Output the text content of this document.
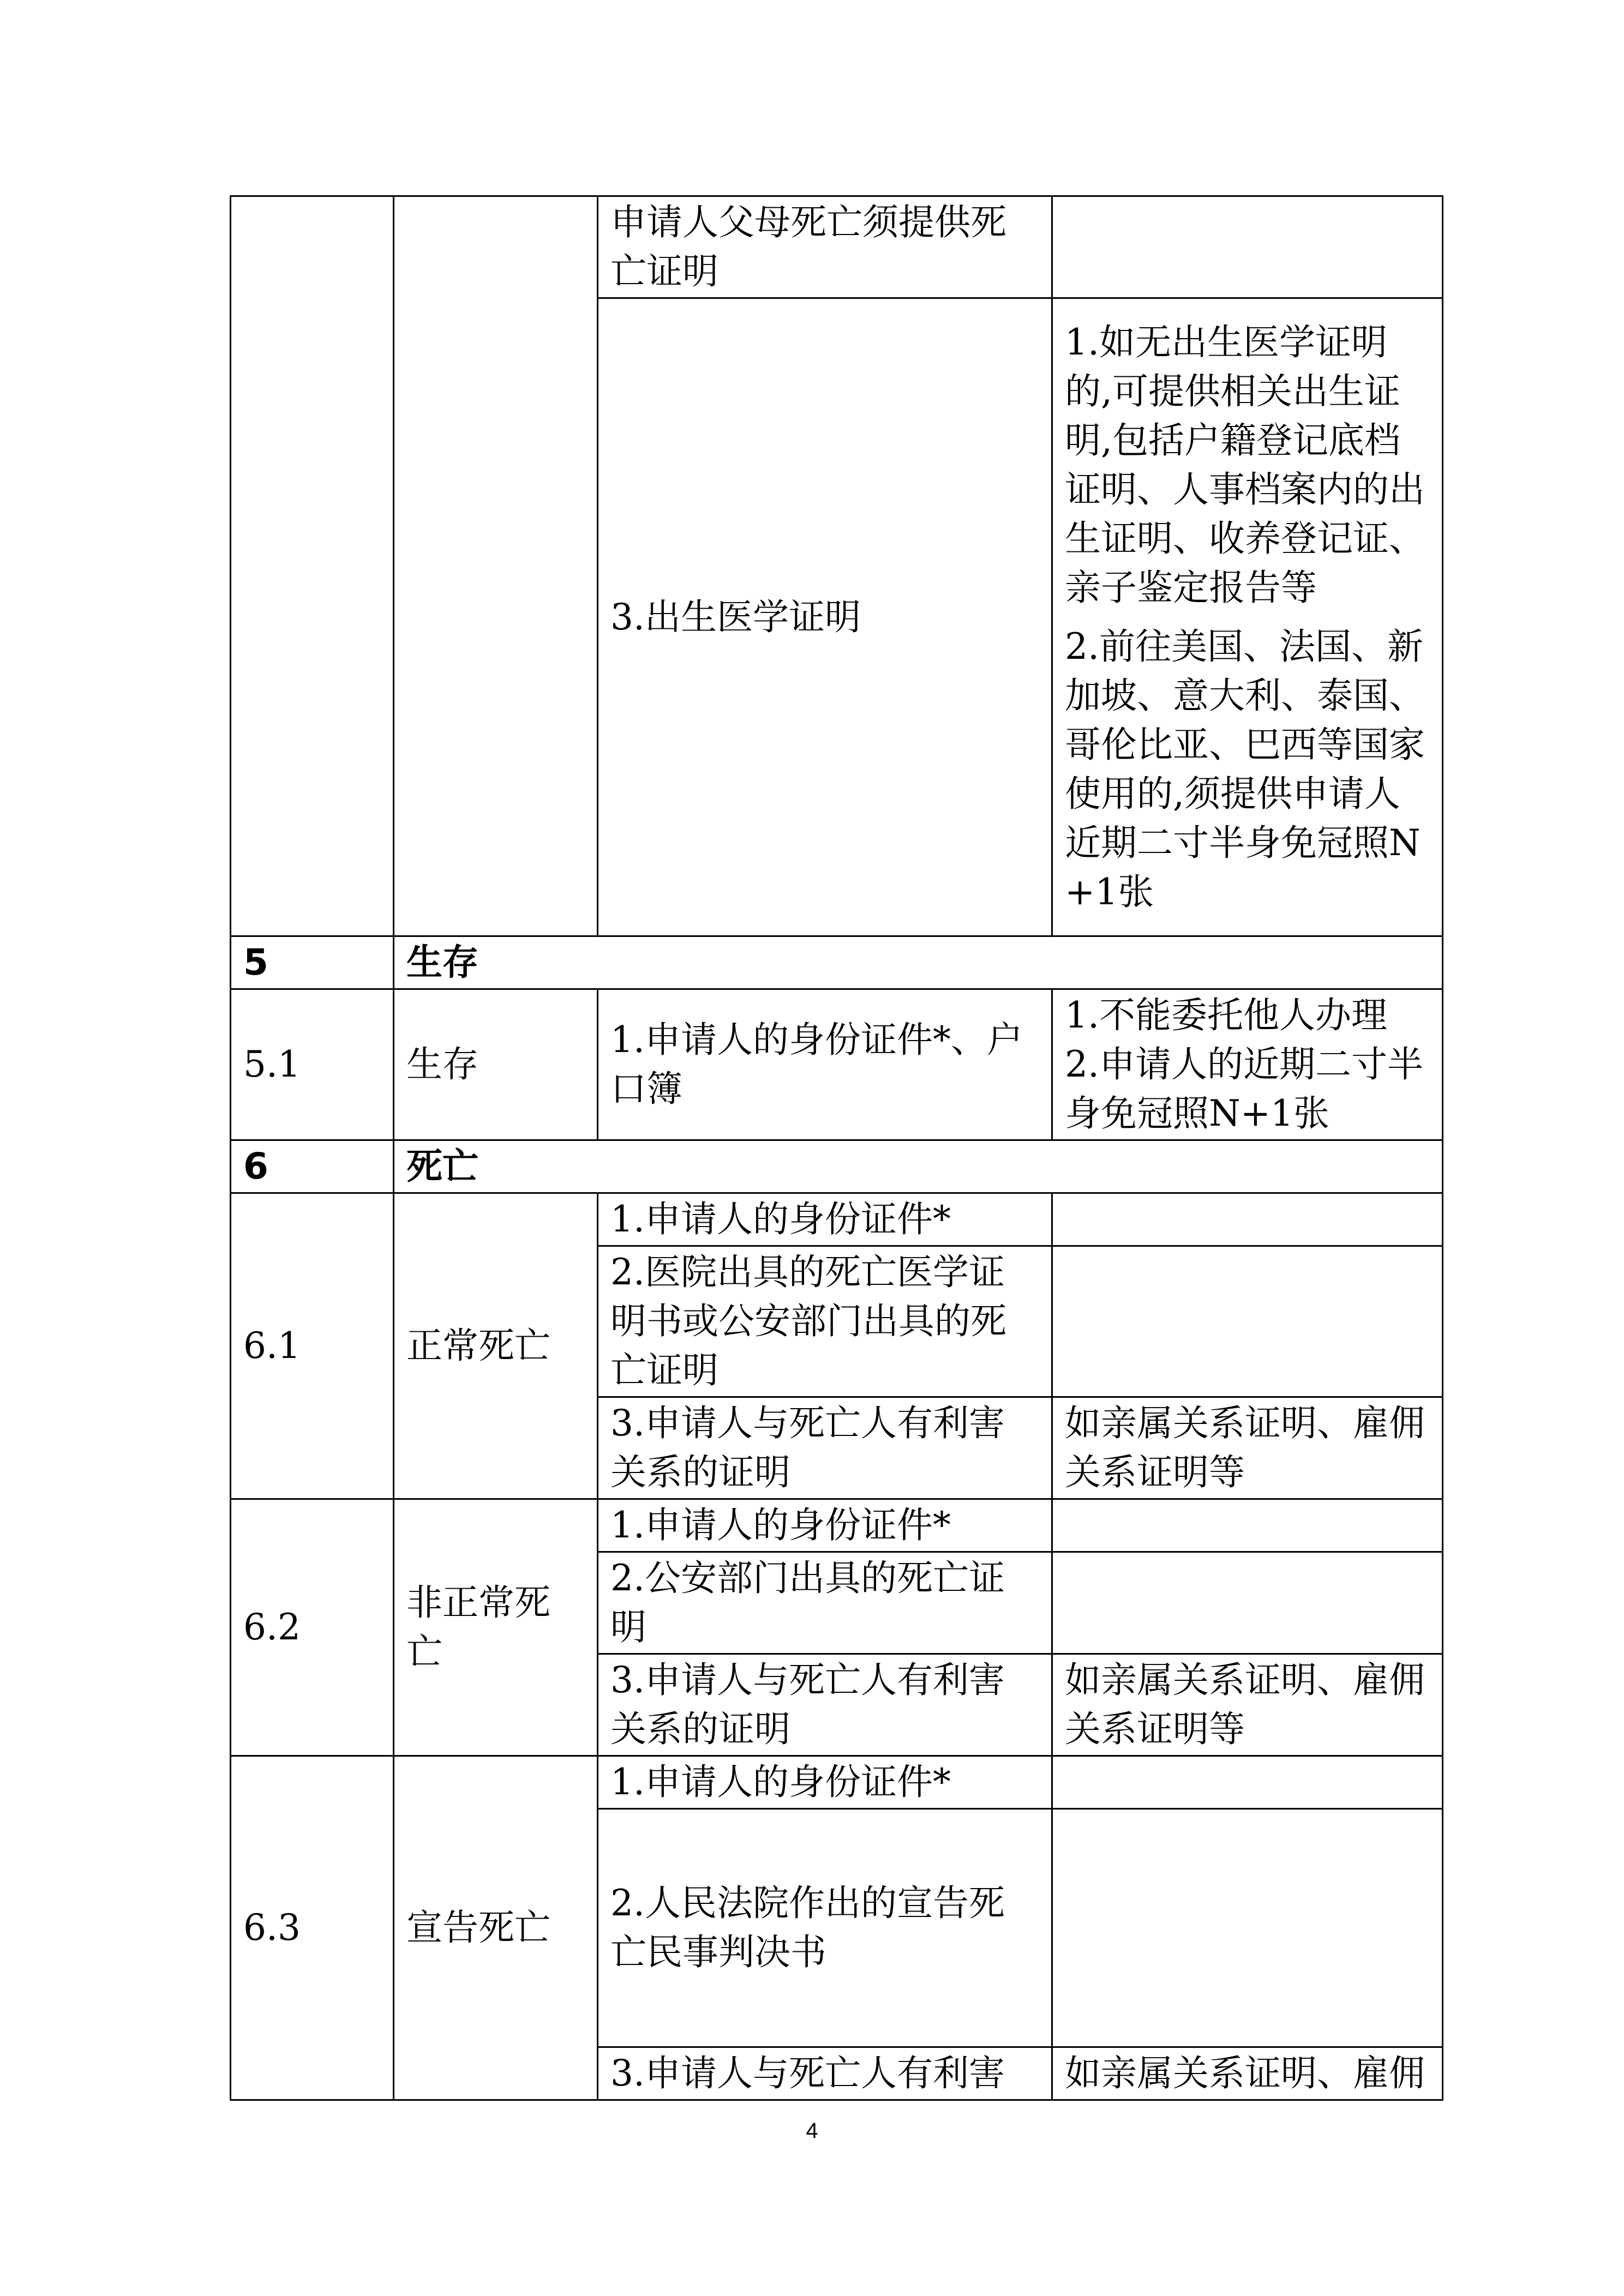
		申请人父母死亡须提供死亡证明	
		3.出生医学证明	1.如无出生医学证明的,可提供相关出生证明,包括户籍登记底档证明、人事档案内的出生证明、收养登记证、亲子鉴定报告等
2.前往美国、法国、新加坡、意大利、泰国、哥伦比亚、巴西等国家使用的,须提供申请人近期二寸半身免冠照N+1张

5	生存		
5.1	生存	1.申请人的身份证件*、户口簿	1.不能委托他人办理
2.申请人的近期二寸半身免冠照N+1张

6	死亡		
6.1	正常死亡	1.申请人的身份证件*	
		2.医院出具的死亡医学证明书或公安部门出具的死亡证明	
		3.申请人与死亡人有利害关系的证明	如亲属关系证明、雇佣关系证明等
6.2	非正常死亡	1.申请人的身份证件*	
		2.公安部门出具的死亡证明	
		3.申请人与死亡人有利害关系的证明	如亲属关系证明、雇佣关系证明等
6.3	宣告死亡	1.申请人的身份证件*	
		2.人民法院作出的宣告死亡民事判决书	
		3.申请人与死亡人有利害	如亲属关系证明、雇佣
4
